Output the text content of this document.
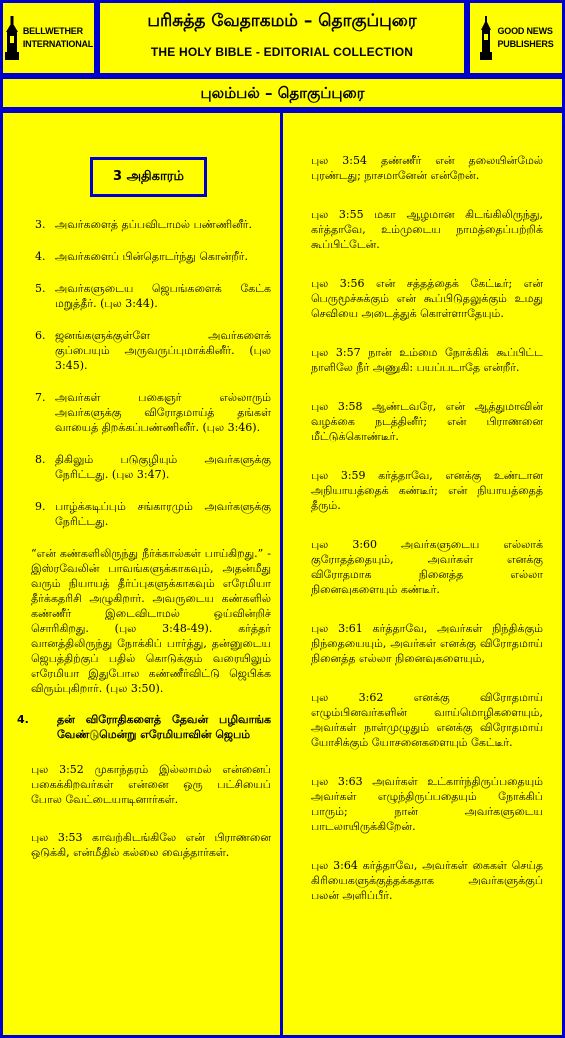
BELLWETHER
INTERNATIONAL
பரிசுத்த வேதாகமம் – தொகுப்புரை
THE HOLY BIBLE - EDITORIAL COLLECTION
GOOD NEWS
PUBLISHERS
புலம்பல் – தொகுப்புரை
3 அதிகாரம்
3. அவர்களைத் தப்பவிடாமல் பண்ணினீர்.
4. அவர்களைப் பின்தொடர்ந்து கொன்றீர்.
5. அவர்களுடைய ஜெபங்களைக் கேட்க மறுத்தீர். (புல 3:44).
6. ஜனங்களுக்குள்ளே அவர்களைக் குப்பையும் அருவருப்புமாக்கினீர். (புல 3:45).
7. அவர்கள் பகைஞர் எல்லாரும் அவர்களுக்கு விரோதமாய்த் தங்கள் வாயைத் திறக்கப்பண்ணினீர். (புல 3:46).
8. திகிலும் படுகுழியும் அவர்களுக்கு நேரிட்டது. (புல 3:47).
9. பாழ்க்கடிப்பும் சங்காரமும் அவர்களுக்கு நேரிட்டது.
“என் கண்களிலிருந்து நீர்க்கால்கள் பாய்கிறது.” - இஸ்ரவேலின் பாவங்களுக்காகவும், அதன்மீது வரும் நியாயத் தீர்ப்புகளுக்காகவும் எரேமியா தீர்க்கதரிசி அழுகிறார். அவருடைய கண்களில் கண்ணீர் இடைவிடாமல் ஒய்வின்றிச் சொரிகிறது. (புல 3:48-49). கர்த்தர் வானத்திலிருந்து நோக்கிப் பார்த்து, தன்னுடைய ஜெபத்திற்குப் பதில் கொடுக்கும் வரையிலும் எரேமியா இதுபோல கண்ணீர்விட்டு ஜெபிக்க விரும்புகிறார். (புல 3:50).
4.	தன் விரோதிகளைத் தேவன் பழிவாங்க வேண்டுமென்று எரேமியாவின் ஜெபம்
புல 3:52 முகாந்தரம் இல்லாமல் என்னைப் பகைக்கிறவர்கள் என்னை ஒரு பட்சியைப் போல வேட்டையாடினார்கள்.
புல 3:53 காவற்கிடங்கிலே என் பிராணனை ஒடுக்கி, என்மீதில் கல்லை வைத்தார்கள்.
புல 3:54 தண்ணீர் என் தலையின்மேல் புரண்டது; நாசமானேன் என்றேன்.
புல 3:55 மகா ஆழமான கிடங்கிலிருந்து, கர்த்தாவே, உம்முடைய நாமத்தைப்பற்றிக் கூப்பிட்டேன்.
புல 3:56 என் சத்தத்தைக் கேட்டீர்; என் பெருமூச்சுக்கும் என் கூப்பிடுதலுக்கும் உமது செவியை அடைத்துக் கொள்ளாதேயும்.
புல 3:57 நான் உம்மை நோக்கிக் கூப்பிட்ட நாளிலே நீர் அணுகி: பயப்படாதே என்றீர்.
புல 3:58 ஆண்டவரே, என் ஆத்துமாவின் வழக்கை நடத்தினீர்; என் பிராணனை மீட்டுக்கொண்டீர்.
புல 3:59 கர்த்தாவே, எனக்கு உண்டான அநியாயத்தைக் கண்டீர்; என் நியாயத்தைத் தீரும்.
புல 3:60 அவர்களுடைய எல்லாக் குரோதத்தையும், அவர்கள் எனக்கு விரோதமாக நினைத்த எல்லா நினைவுகளையும் கண்டீர்.
புல 3:61 கர்த்தாவே, அவர்கள் நிந்திக்கும் நிந்தையையும், அவர்கள் எனக்கு விரோதமாய் நினைத்த எல்லா நினைவுகளையும்,
புல 3:62 எனக்கு விரோதமாய் எழும்பினவர்களின் வாய்மொழிகளையும், அவர்கள் நாள்முழுதும் எனக்கு விரோதமாய் யோசிக்கும் யோசனைகளையும் கேட்டீர்.
புல 3:63 அவர்கள் உட்கார்ந்திருப்பதையும் அவர்கள் எழுந்திருப்பதையும் நோக்கிப் பாரும்; நான் அவர்களுடைய பாடலாயிருக்கிறேன்.
புல 3:64 கர்த்தாவே, அவர்கள் கைகள் செய்த கிரியைகளுக்குத்தக்கதாக அவர்களுக்குப் பலன் அளிப்பீர்.
